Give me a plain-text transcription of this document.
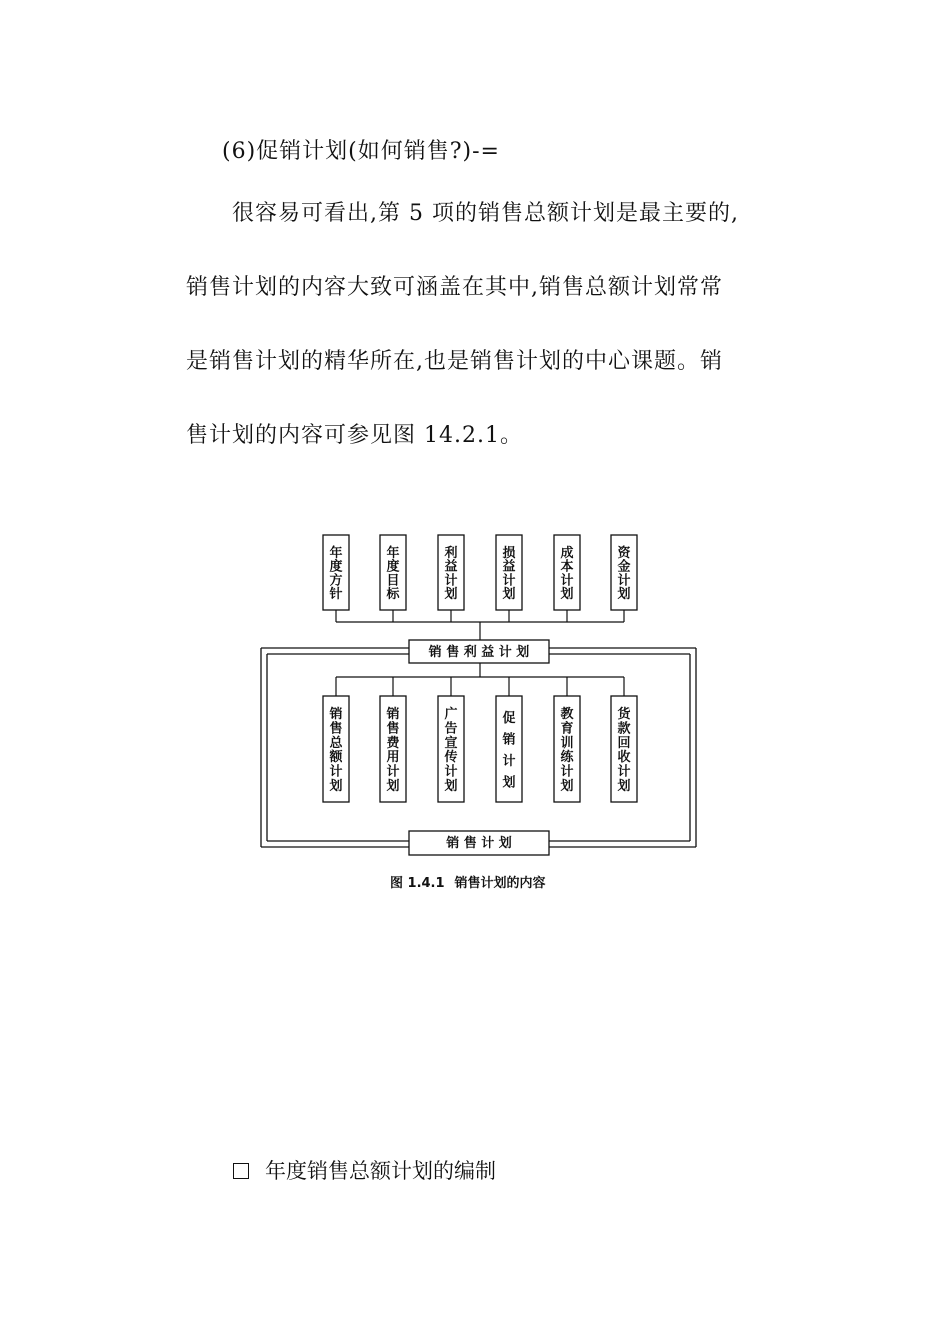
(6)促销计划(如何销售?)-=
很容易可看出,第 5 项的销售总额计划是最主要的,
销售计划的内容大致可涵盖在其中,销售总额计划常常
是销售计划的精华所在,也是销售计划的中心课题。销
售计划的内容可参见图 14.2.1。
年
度
方
针
年
度
目
标
利
益
计
划
损
益
计
划
成
本
计
划
资
金
计
划
销 售 利 益 计 划
销
售
总
额
计
划
销
售
费
用
计
划
广
告
宣
传
计
划
促
销
计
划
教
育
训
练
计
划
货
款
回
收
计
划
销 售 计 划
图 1.4.1 销售计划的内容
年度销售总额计划的编制
